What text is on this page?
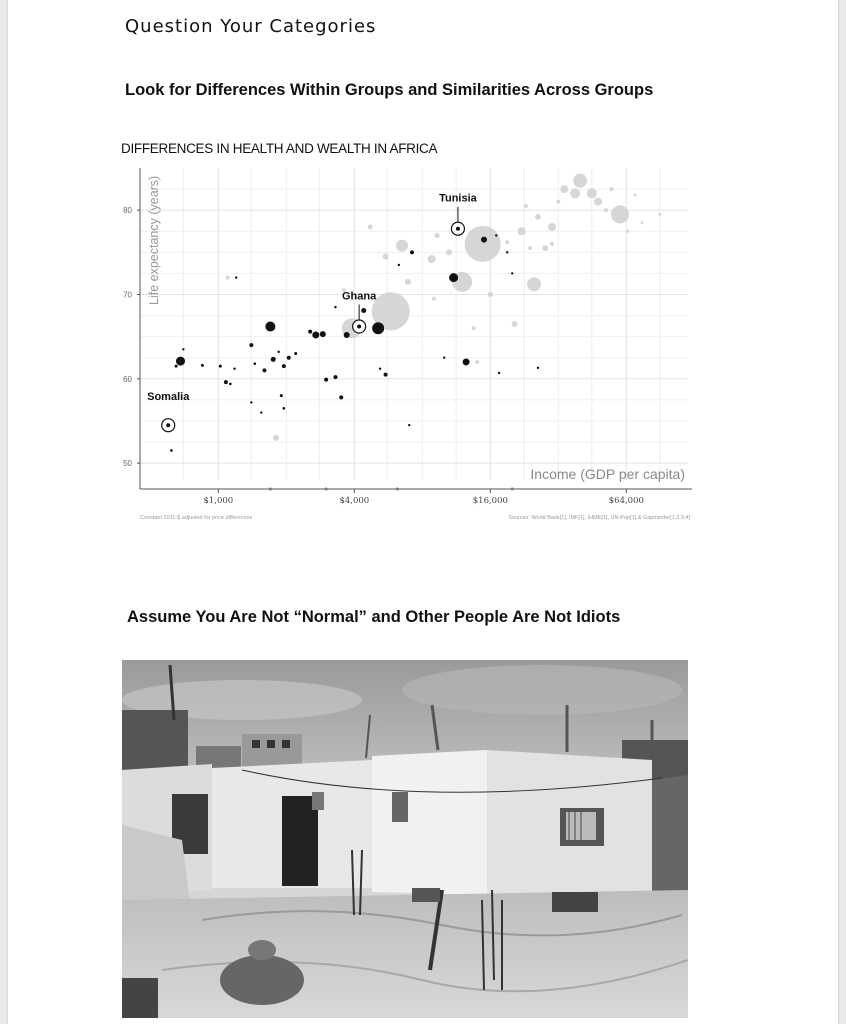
Question Your Categories
Look for Differences Within Groups and Similarities Across Groups
DIFFERENCES IN HEALTH AND WEALTH IN AFRICA
50
60
70
80
$1,000	$4,000	$16,000	$64,000
Tunisia
Ghana
Somalia
Life expectancy (years)
Income (GDP per capita)
Constant 2011-$ adjusted for price differences	Sources: World Bank[1], IMF[1], IHME[1], UN-Pop[1] & Gapminder[1,2,3,4]
Assume You Are Not “Normal” and Other People Are Not Idiots
